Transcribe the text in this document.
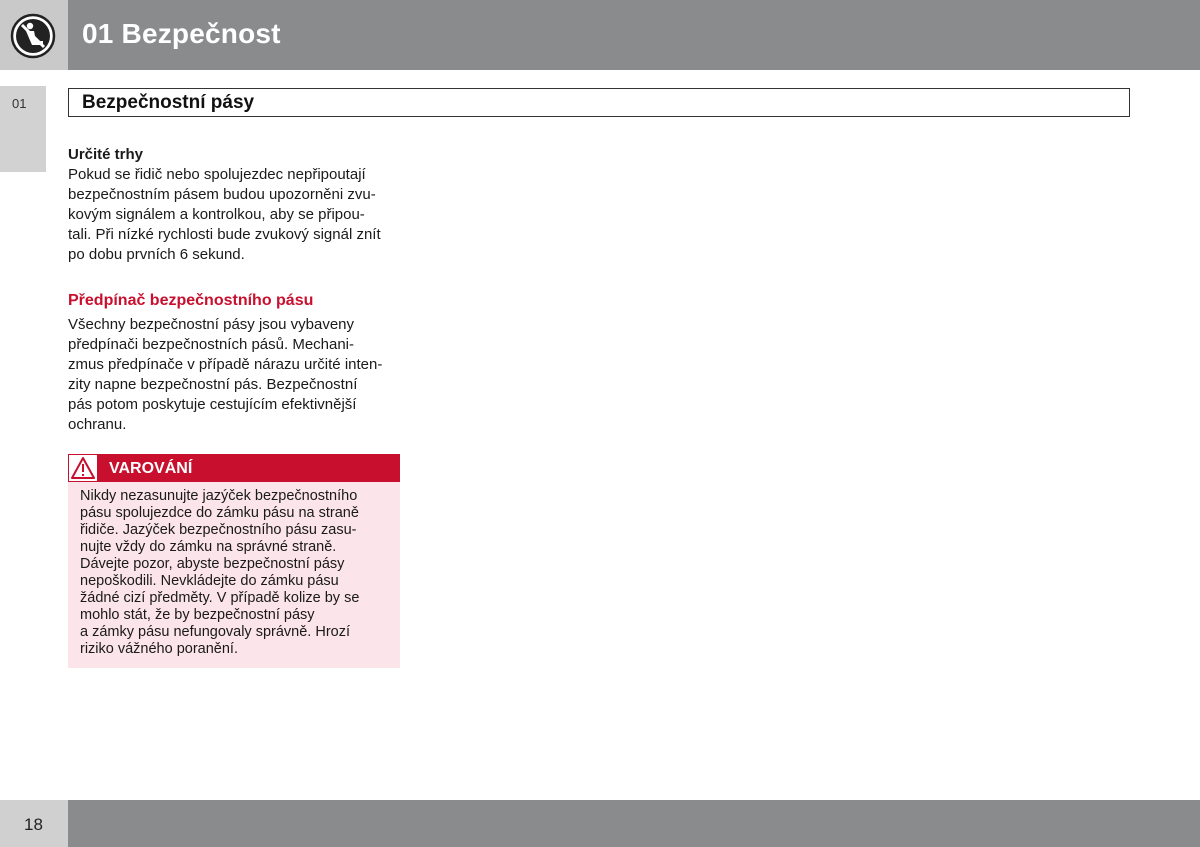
01 Bezpečnost
01	Bezpečnostní pásy

Určité trhy

Pokud se řidič nebo spolujezdec nepřipoutají
bezpečnostním pásem budou upozorněni zvu-
kovým signálem a kontrolkou, aby se připou-
tali. Při nízké rychlosti bude zvukový signál znít
po dobu prvních 6 sekund.

Předpínač bezpečnostního pásu

Všechny bezpečnostní pásy jsou vybaveny
předpínači bezpečnostních pásů. Mechani-
zmus předpínače v případě nárazu určité inten-
zity napne bezpečnostní pás. Bezpečnostní
pás potom poskytuje cestujícím efektivnější
ochranu.

VAROVÁNÍ
Nikdy nezasunujte jazýček bezpečnostního
pásu spolujezdce do zámku pásu na straně
řidiče. Jazýček bezpečnostního pásu zasu-
nujte vždy do zámku na správné straně.
Dávejte pozor, abyste bezpečnostní pásy
nepoškodili. Nevkládejte do zámku pásu
žádné cizí předměty. V případě kolize by se
mohlo stát, že by bezpečnostní pásy
a zámky pásu nefungovaly správně. Hrozí
riziko vážného poranění.
18
